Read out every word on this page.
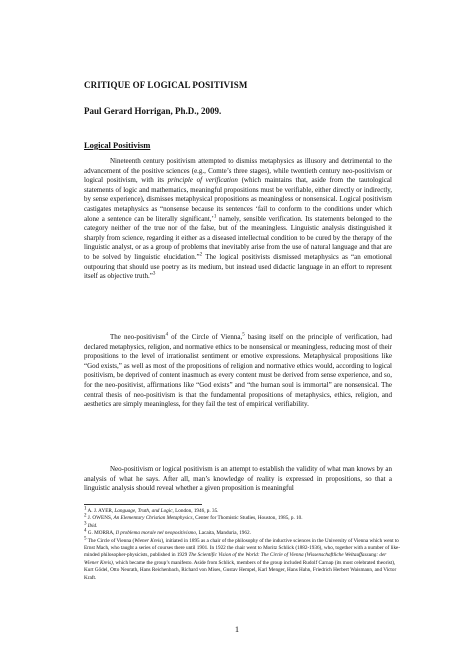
CRITIQUE OF LOGICAL POSITIVISM
Paul Gerard Horrigan, Ph.D., 2009.
Logical Positivism

Nineteenth century positivism attempted to dismiss metaphysics as illusory and detrimental to the advancement of the positive sciences (e.g., Comte’s three stages), while twentieth century neo-positivism or logical positivism, with its principle of verification (which maintains that, aside from the tautological statements of logic and mathematics, meaningful propositions must be verifiable, either directly or indirectly, by sense experience), dismisses metaphysical propositions as meaningless or nonsensical. Logical positivism castigates metaphysics as “nonsense because its sentences ‘fail to conform to the conditions under which alone a sentence can be literally significant,’$^1$ namely, sensible verification. Its statements belonged to the category neither of the true nor of the false, but of the meaningless. Linguistic analysis distinguished it sharply from science, regarding it either as a diseased intellectual condition to be cured by the therapy of the linguistic analyst, or as a group of problems that inevitably arise from the use of natural language and that are to be solved by linguistic elucidation.”$^2$ The logical positivists dismissed metaphysics as “an emotional outpouring that should use poetry as its medium, but instead used didactic language in an effort to represent itself as objective truth.”$^3$

The neo-positivism$^4$ of the Circle of Vienna,$^5$ basing itself on the principle of verification, had declared metaphysics, religion, and normative ethics to be nonsensical or meaningless, reducing most of their propositions to the level of irrationalist sentiment or emotive expressions. Metaphysical propositions like “God exists,” as well as most of the propositions of religion and normative ethics would, according to logical positivism, be deprived of content inasmuch as every content must be derived from sense experience, and so, for the neo-positivist, affirmations like “God exists” and “the human soul is immortal” are nonsensical. The central thesis of neo-positivism is that the fundamental propositions of metaphysics, ethics, religion, and aesthetics are simply meaningless, for they fail the test of empirical verifiability.

Neo-positivism or logical positivism is an attempt to establish the validity of what man knows by an analysis of what he says. After all, man’s knowledge of reality is expressed in propositions, so that a linguistic analysis should reveal whether a given proposition is meaningful

$^1$ A. J. AYER, Language, Truth, and Logic, London, 1946, p. 35.
$^2$ J. OWENS, An Elementary Christian Metaphysics, Center for Thomistic Studies, Houston, 1985, p. 10.
$^3$ Ibid.
$^4$ G. MORRA, Il problema morale nel neopositivismo, Lacaita, Manduria, 1962.
$^5$ The Circle of Vienna (Wiener Kreis), initiated in 1895 as a chair of the philosophy of the inductive sciences in the University of Vienna which went to Ernst Mach, who taught a series of courses there until 1901. In 1922 the chair went to Moritz Schlick (1882-1936), who, together with a number of like-minded philosopher-physicists, published in 1929 The Scientific Vision of the World: The Circle of Vienna (Wissenschaftliche Weltauffassung: der Wiener Kreis), which became the group’s manifesto. Aside from Schlick, members of the group included Rudolf Carnap (its most celebrated theorist), Kurt Gödel, Otto Neurath, Hans Reichenbach, Richard von Mises, Gustav Hempel, Karl Menger, Hans Hahn, Friedrich Herbert Waismann, and Victor Kraft.
1
